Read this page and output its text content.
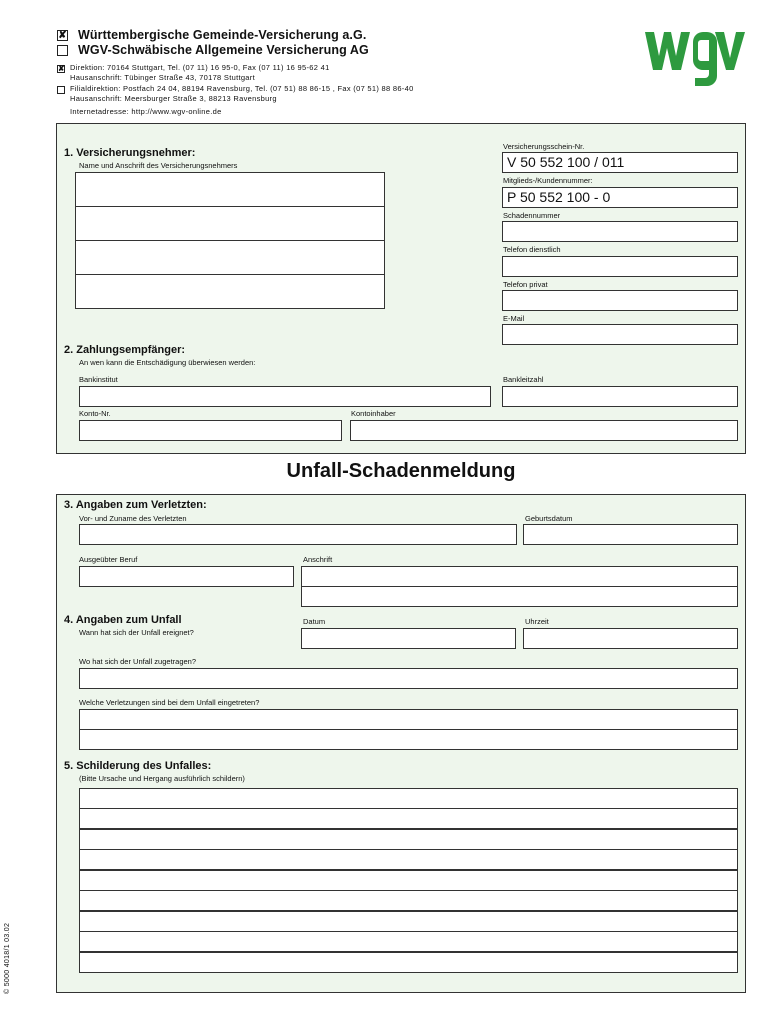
✘ Württembergische Gemeinde-Versicherung a.G.
WGV-Schwäbische Allgemeine Versicherung AG
✘ Direktion: 70164 Stuttgart, Tel. (07 11) 16 95-0, Fax (07 11) 16 95-62 41
Hausanschrift: Tübinger Straße 43, 70178 Stuttgart
Filialdirektion: Postfach 24 04, 88194 Ravensburg, Tel. (07 51) 88 86-15 , Fax (07 51) 88 86-40
Hausanschrift: Meersburger Straße 3, 88213 Ravensburg
Internetadresse: http://www.wgv-online.de
1. Versicherungsnehmer:
Name und Anschrift des Versicherungsnehmers
Versicherungsschein-Nr.
V 50 552 100 / 011
Mitglieds-/Kundennummer:
P 50 552 100 - 0
Schadennummer
Telefon dienstlich
Telefon privat
E-Mail
2. Zahlungsempfänger:
An wen kann die Entschädigung überwiesen werden:
Bankinstitut	Bankleitzahl
Konto-Nr.	Kontoinhaber
Unfall-Schadenmeldung
3. Angaben zum Verletzten:
Vor- und Zuname des Verletzten	Geburtsdatum
Ausgeübter Beruf	Anschrift
4. Angaben zum Unfall
Wann hat sich der Unfall ereignet?
Datum	Uhrzeit
Wo hat sich der Unfall zugetragen?
Welche Verletzungen sind bei dem Unfall eingetreten?
5. Schilderung des Unfalles:
(Bitte Ursache und Hergang ausführlich schildern)
© 5000 4018/1 03.02
